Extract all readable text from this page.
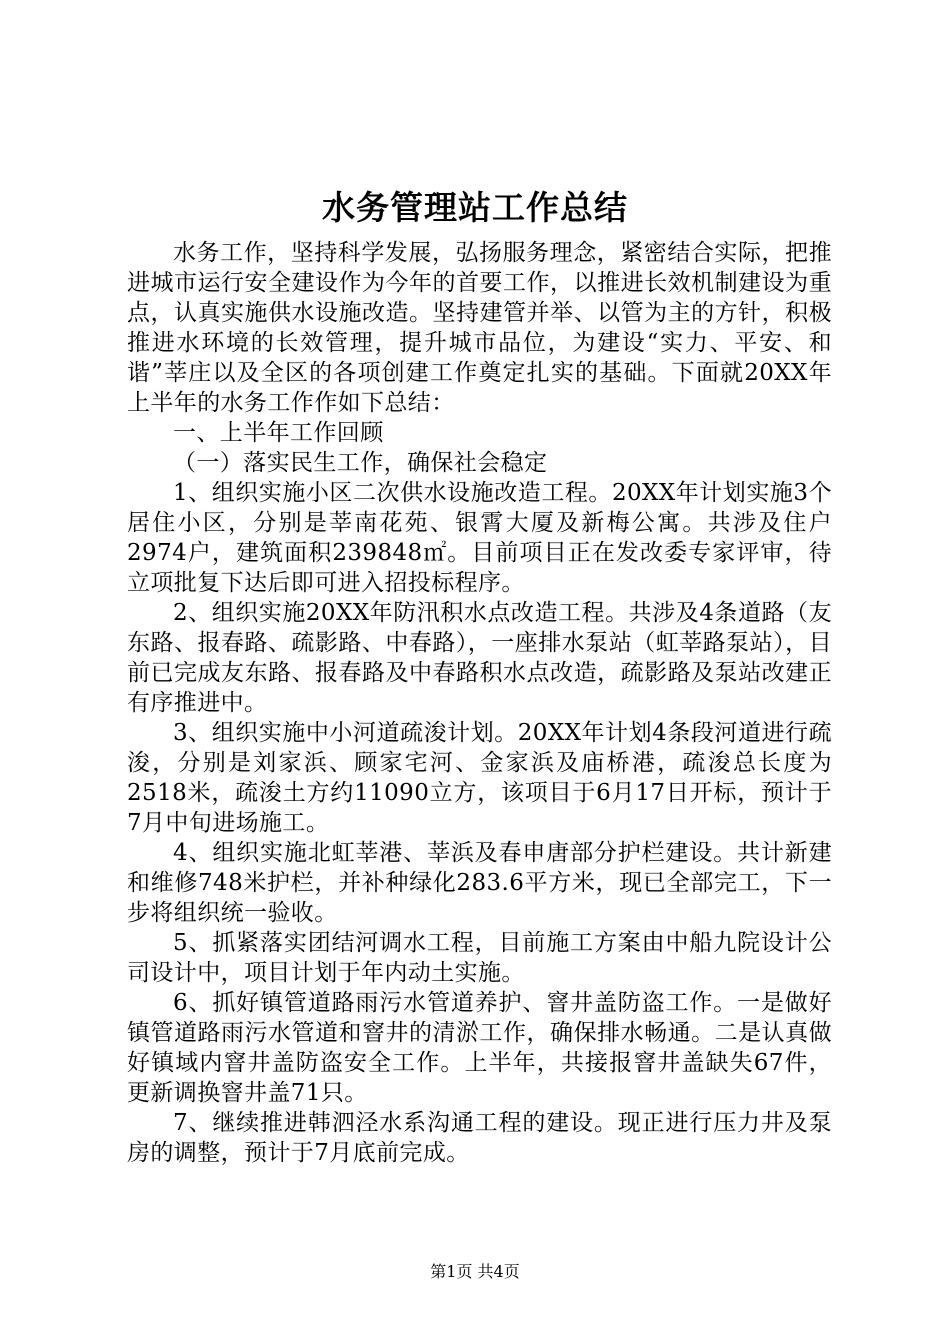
水务管理站工作总结

水务工作，坚持科学发展，弘扬服务理念，紧密结合实际，把推进城市运行安全建设作为今年的首要工作，以推进长效机制建设为重点，认真实施供水设施改造。坚持建管并举、以管为主的方针，积极推进水环境的长效管理，提升城市品位，为建设“实力、平安、和谐”莘庄以及全区的各项创建工作奠定扎实的基础。下面就20XX年上半年的水务工作作如下总结：

一、上半年工作回顾

（一）落实民生工作，确保社会稳定

1、组织实施小区二次供水设施改造工程。20XX年计划实施3个居住小区，分别是莘南花苑、银霄大厦及新梅公寓。共涉及住户2974户，建筑面积239848㎡。目前项目正在发改委专家评审，待立项批复下达后即可进入招投标程序。

2、组织实施20XX年防汛积水点改造工程。共涉及4条道路（友东路、报春路、疏影路、中春路），一座排水泵站（虹莘路泵站），目前已完成友东路、报春路及中春路积水点改造，疏影路及泵站改建正有序推进中。

3、组织实施中小河道疏浚计划。20XX年计划4条段河道进行疏浚，分别是刘家浜、顾家宅河、金家浜及庙桥港，疏浚总长度为2518米，疏浚土方约11090立方，该项目于6月17日开标，预计于7月中旬进场施工。

4、组织实施北虹莘港、莘浜及春申唐部分护栏建设。共计新建和维修748米护栏，并补种绿化283.6平方米，现已全部完工，下一步将组织统一验收。

5、抓紧落实团结河调水工程，目前施工方案由中船九院设计公司设计中，项目计划于年内动土实施。

6、抓好镇管道路雨污水管道养护、窨井盖防盗工作。一是做好镇管道路雨污水管道和窨井的清淤工作，确保排水畅通。二是认真做好镇域内窨井盖防盗安全工作。上半年，共接报窨井盖缺失67件，更新调换窨井盖71只。

7、继续推进韩泗泾水系沟通工程的建设。现正进行压力井及泵房的调整，预计于7月底前完成。

第1页 共4页
